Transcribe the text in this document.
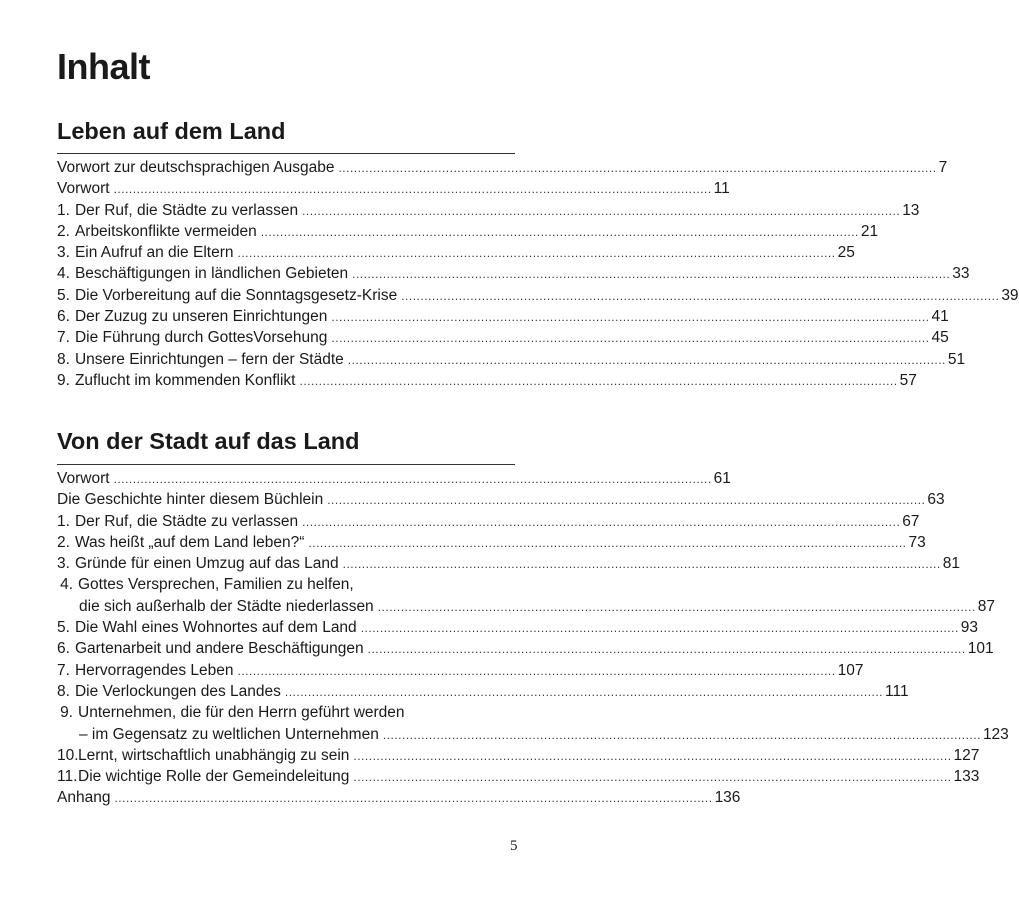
Inhalt
Leben auf dem Land
Vorwort zur deutschsprachigen Ausgabe .....	7
Vorwort .....	11
1. Der Ruf, die Städte zu verlassen .....	13
2. Arbeitskonflikte vermeiden .....	21
3. Ein Aufruf an die Eltern .....	25
4. Beschäftigungen in ländlichen Gebieten .....	33
5. Die Vorbereitung auf die Sonntagsgesetz-Krise .....	39
6. Der Zuzug zu unseren Einrichtungen .....	41
7. Die Führung durch GottesVorsehung .....	45
8. Unsere Einrichtungen – fern der Städte .....	51
9. Zuflucht im kommenden Konflikt .....	57
Von der Stadt auf das Land
Vorwort .....	61
Die Geschichte hinter diesem Büchlein .....	63
1. Der Ruf, die Städte zu verlassen .....	67
2. Was heißt „auf dem Land leben?“ .....	73
3. Gründe für einen Umzug auf das Land .....	81
4. Gottes Versprechen, Familien zu helfen,
die sich außerhalb der Städte niederlassen .....	87
5. Die Wahl eines Wohnortes auf dem Land .....	93
6. Gartenarbeit und andere Beschäftigungen .....	101
7. Hervorragendes Leben .....	107
8. Die Verlockungen des Landes .....	111
9. Unternehmen, die für den Herrn geführt werden
– im Gegensatz zu weltlichen Unternehmen .....	123
10. Lernt, wirtschaftlich unabhängig zu sein .....	127
11. Die wichtige Rolle der Gemeindeleitung .....	133
Anhang .....	136
5
